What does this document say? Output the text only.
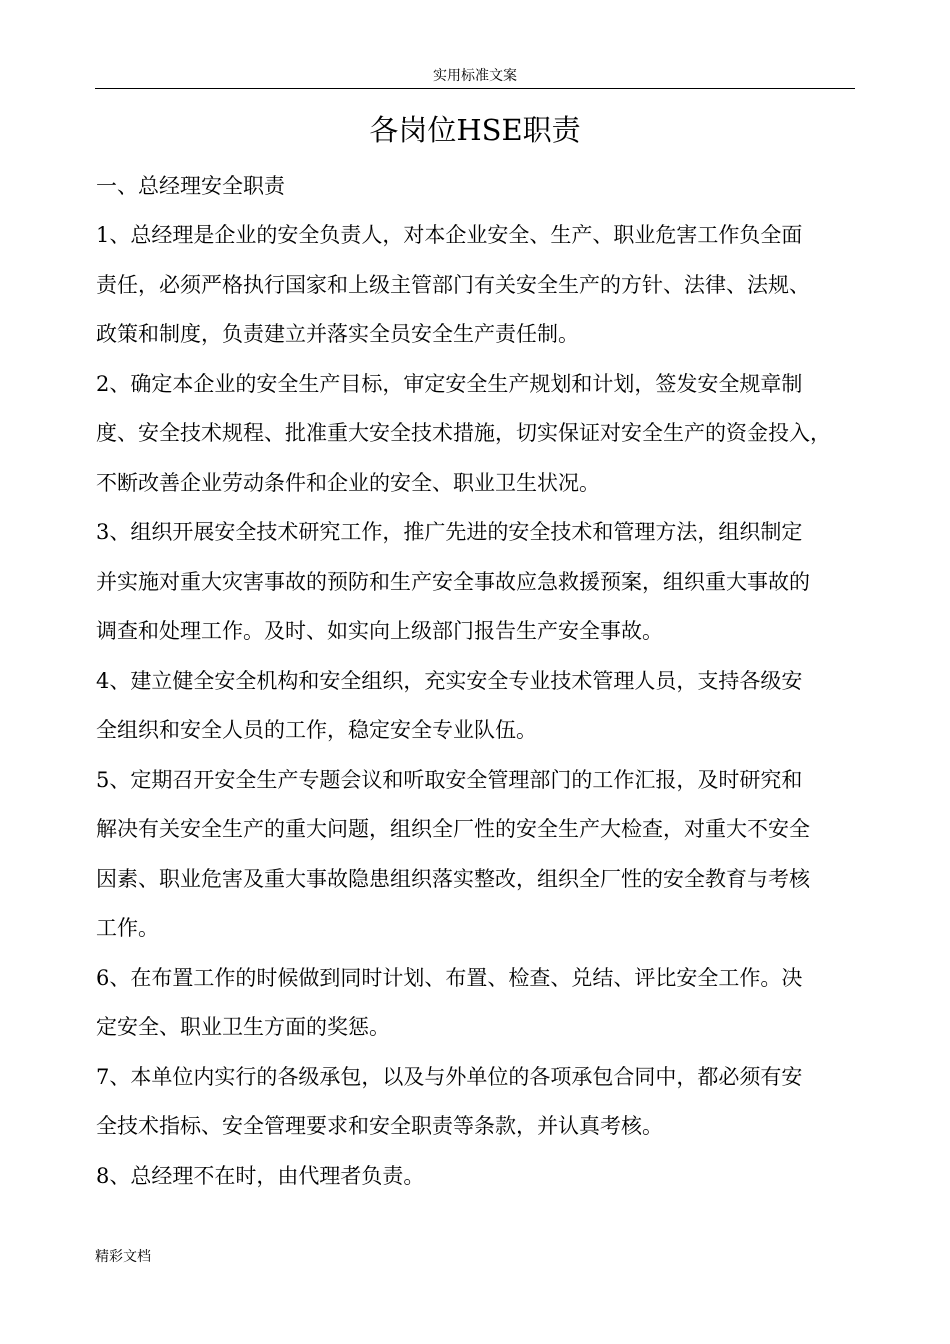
实用标准文案
各岗位HSE职责
一、总经理安全职责
1、总经理是企业的安全负责人，对本企业安全、生产、职业危害工作负全面
责任，必须严格执行国家和上级主管部门有关安全生产的方针、法律、法规、
政策和制度，负责建立并落实全员安全生产责任制。
2、确定本企业的安全生产目标，审定安全生产规划和计划，签发安全规章制
度、安全技术规程、批准重大安全技术措施，切实保证对安全生产的资金投入，
不断改善企业劳动条件和企业的安全、职业卫生状况。
3、组织开展安全技术研究工作，推广先进的安全技术和管理方法，组织制定
并实施对重大灾害事故的预防和生产安全事故应急救援预案，组织重大事故的
调查和处理工作。及时、如实向上级部门报告生产安全事故。
4、建立健全安全机构和安全组织，充实安全专业技术管理人员，支持各级安
全组织和安全人员的工作，稳定安全专业队伍。
5、定期召开安全生产专题会议和听取安全管理部门的工作汇报，及时研究和
解决有关安全生产的重大问题，组织全厂性的安全生产大检查，对重大不安全
因素、职业危害及重大事故隐患组织落实整改，组织全厂性的安全教育与考核
工作。
6、在布置工作的时候做到同时计划、布置、检查、兑结、评比安全工作。决
定安全、职业卫生方面的奖惩。
7、本单位内实行的各级承包，以及与外单位的各项承包合同中，都必须有安
全技术指标、安全管理要求和安全职责等条款，并认真考核。
8、总经理不在时，由代理者负责。
精彩文档
